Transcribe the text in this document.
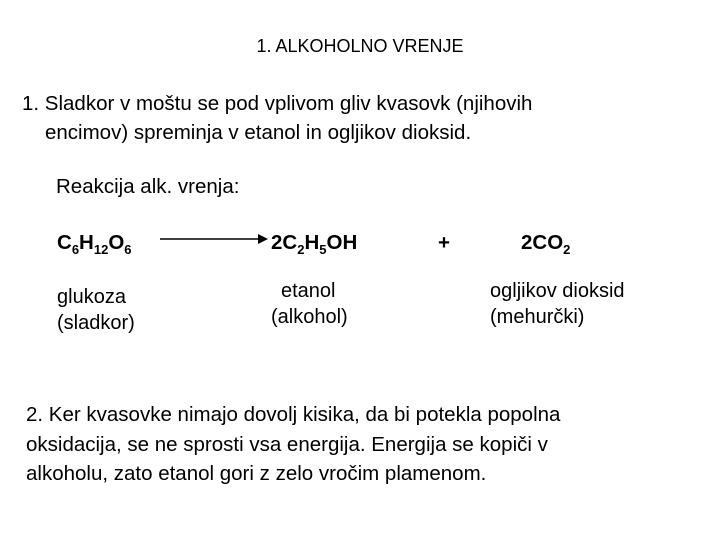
1. ALKOHOLNO VRENJE
1. Sladkor v moštu se pod vplivom gliv kvasovk (njihovih
encimov) spreminja v etanol in ogljikov dioksid.
Reakcija alk. vrenja:
$C_6H_{12}O_6$	$2C_2H_5OH$	+	$2CO_2$
glukoza
(sladkor)
etanol
(alkohol)
ogljikov dioksid
(mehurčki)
2. Ker kvasovke nimajo dovolj kisika, da bi potekla popolna
oksidacija, se ne sprosti vsa energija. Energija se kopiči v
alkoholu, zato etanol gori z zelo vročim plamenom.
